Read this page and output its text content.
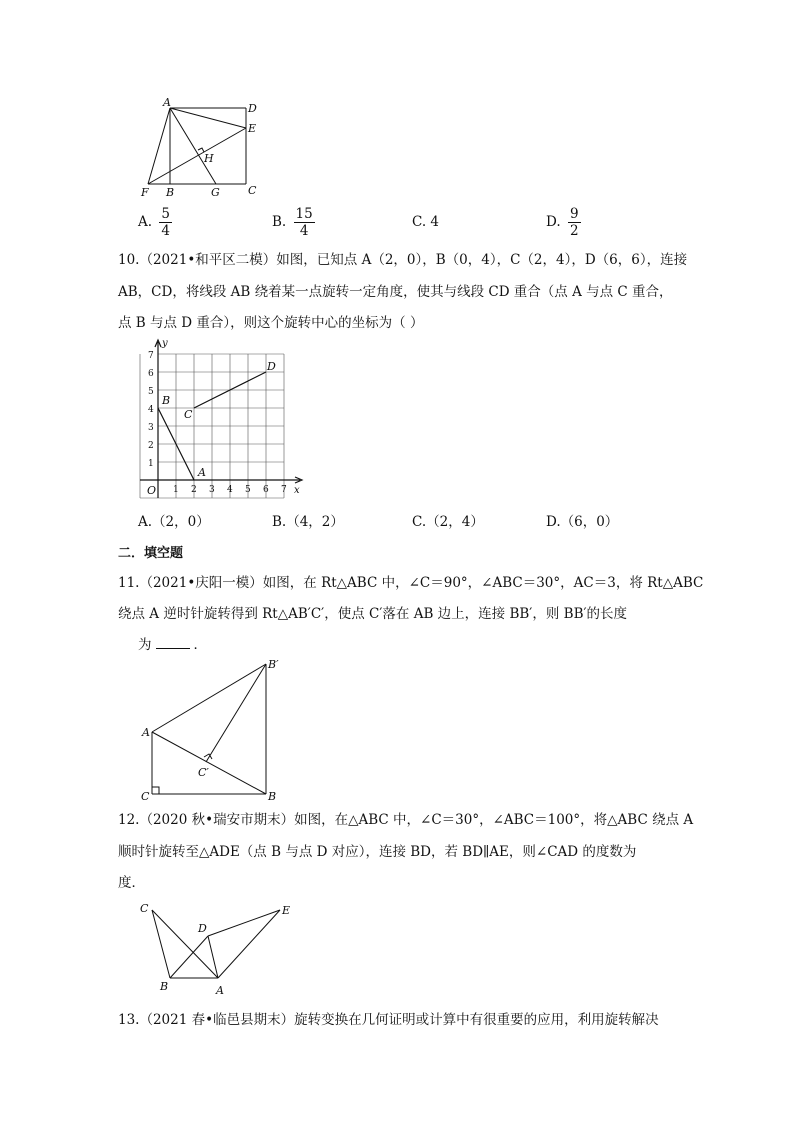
A	D
E
H
F B	G	C
A. $\frac{5}{4}$	B. $\frac{15}{4}$	C. 4	D. $\frac{9}{2}$
10.（2021•和平区二模）如图，已知点 A（2，0），B（0，4），C（2，4），D（6，6），连接
AB，CD，将线段 AB 绕着某一点旋转一定角度，使其与线段 CD 重合（点 A 与点 C 重合，
点 B 与点 D 重合），则这个旋转中心的坐标为（ ）
y
x
O
7
6
5
4
3
2
1
1 2 3 4 5 6 7
B
C
D
A
A.（2，0）	B.（4，2）	C.（2，4）	D.（6，0）
二．填空题
11.（2021•庆阳一模）如图，在 Rt△ABC 中，∠C＝90°，∠ABC＝30°，AC＝3，将 Rt△ABC
绕点 A 逆时针旋转得到 Rt△AB′C′，使点 C′落在 AB 边上，连接 BB′，则 BB′的长度
为	．
B′
A
C′
C	B
12.（2020 秋•瑞安市期末）如图，在△ABC 中，∠C＝30°，∠ABC＝100°，将△ABC 绕点 A
顺时针旋转至△ADE（点 B 与点 D 对应），连接 BD，若 BD∥AE，则∠CAD 的度数为
度．
C
D
E
B	A
13.（2021 春•临邑县期末）旋转变换在几何证明或计算中有很重要的应用，利用旋转解决
